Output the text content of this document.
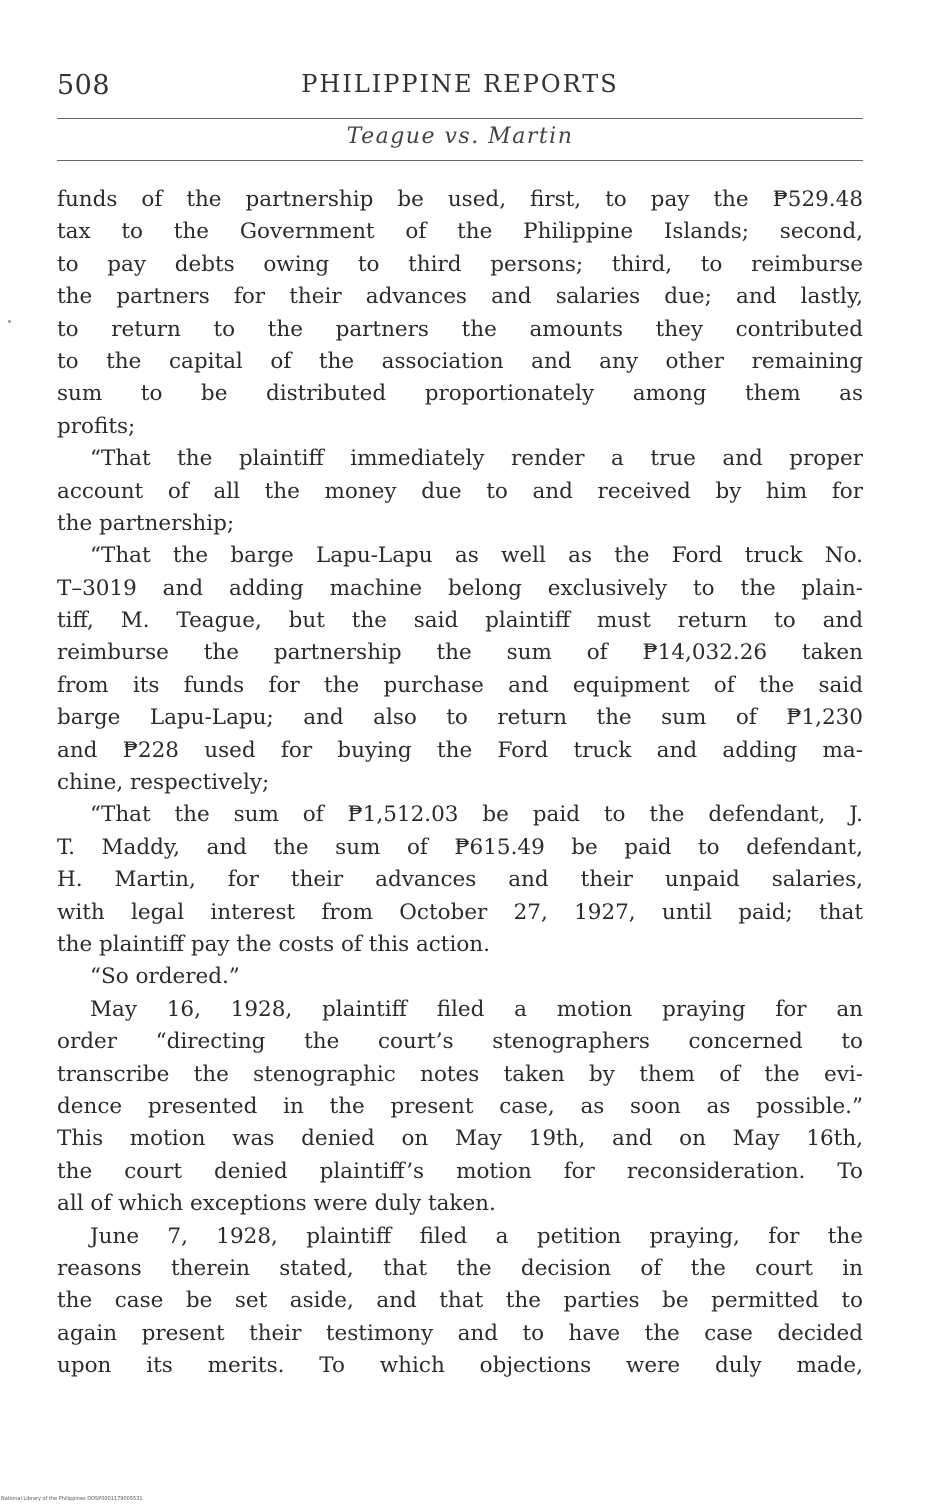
508	PHILIPPINE REPORTS
Teague vs. Martin
funds of the partnership be used, first, to pay the ₱529.48
tax to the Government of the Philippine Islands; second,
to pay debts owing to third persons; third, to reimburse
the partners for their advances and salaries due; and lastly,
to return to the partners the amounts they contributed
to the capital of the association and any other remaining
sum to be distributed proportionately among them as
profits;
“That the plaintiff immediately render a true and proper
account of all the money due to and received by him for
the partnership;
“That the barge Lapu-Lapu as well as the Ford truck No.
T–3019 and adding machine belong exclusively to the plain-
tiff, M. Teague, but the said plaintiff must return to and
reimburse the partnership the sum of ₱14,032.26 taken
from its funds for the purchase and equipment of the said
barge Lapu-Lapu; and also to return the sum of ₱1,230
and ₱228 used for buying the Ford truck and adding ma-
chine, respectively;
“That the sum of ₱1,512.03 be paid to the defendant, J.
T. Maddy, and the sum of ₱615.49 be paid to defendant,
H. Martin, for their advances and their unpaid salaries,
with legal interest from October 27, 1927, until paid; that
the plaintiff pay the costs of this action.
“So ordered.”
May 16, 1928, plaintiff filed a motion praying for an
order “directing the court’s stenographers concerned to
transcribe the stenographic notes taken by them of the evi-
dence presented in the present case, as soon as possible.”
This motion was denied on May 19th, and on May 16th,
the court denied plaintiff’s motion for reconsideration. To
all of which exceptions were duly taken.
June 7, 1928, plaintiff filed a petition praying, for the
reasons therein stated, that the decision of the court in
the case be set aside, and that the parties be permitted to
again present their testimony and to have the case decided
upon its merits. To which objections were duly made,
National Library of the Philippines DOSP0001179005531
